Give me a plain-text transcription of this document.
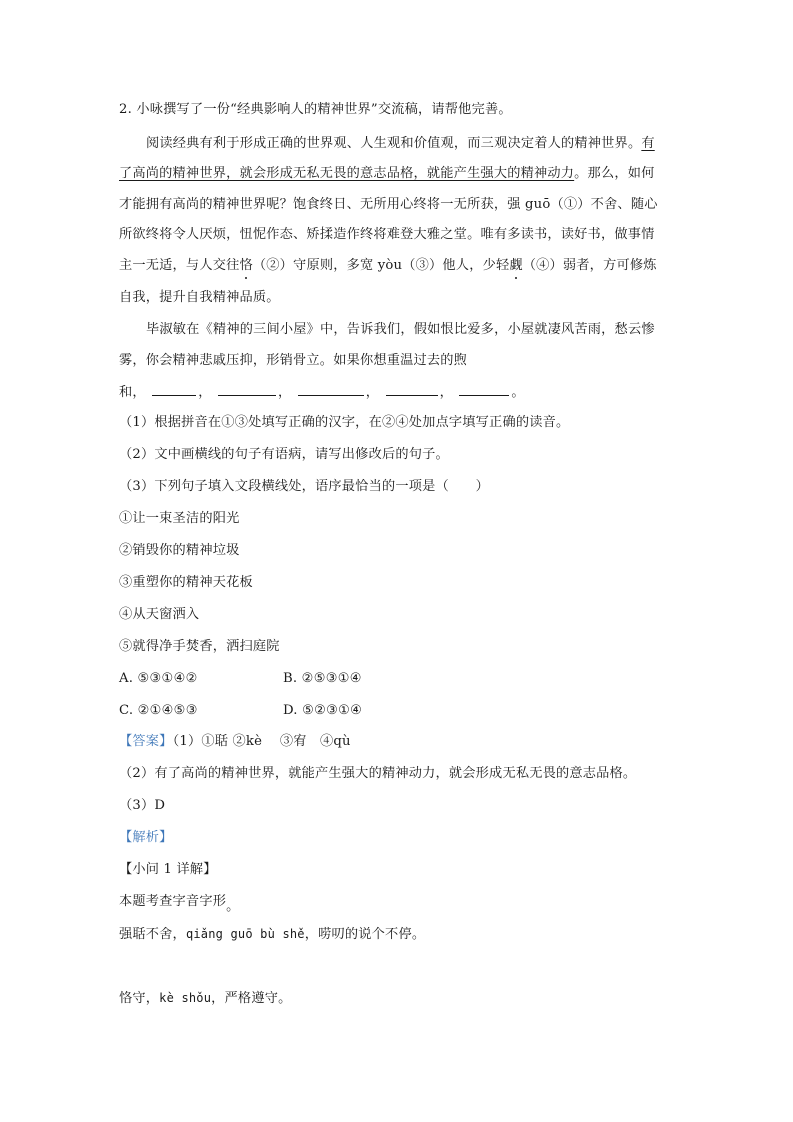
2. 小咏撰写了一份“经典影响人的精神世界”交流稿，请帮他完善。
阅读经典有利于形成正确的世界观、人生观和价值观，而三观决定着人的精神世界。有
了高尚的精神世界，就会形成无私无畏的意志品格，就能产生强大的精神动力。那么，如何
才能拥有高尚的精神世界呢？饱食终日、无所用心终将一无所获，强 guō（①）不舍、随心
所欲终将令人厌烦，忸怩作态、矫揉造作终将难登大雅之堂。唯有多读书，读好书，做事情
主一无适，与人交往恪（②）守原则，多宽 yòu（③）他人，少轻觑（④）弱者，方可修炼
自我，提升自我精神品质。
毕淑敏在《精神的三间小屋》中，告诉我们，假如恨比爱多，小屋就凄风苦雨，愁云惨
雾，你会精神悲戚压抑，形销骨立。如果你想重温过去的煦
和，	，	，	，	，	。
（1）根据拼音在①③处填写正确的汉字，在②④处加点字填写正确的读音。
（2）文中画横线的句子有语病，请写出修改后的句子。
（3）下列句子填入文段横线处，语序最恰当的一项是（　　）
①让一束圣洁的阳光
②销毁你的精神垃圾
③重塑你的精神天花板
④从天窗洒入
⑤就得净手焚香，洒扫庭院
A. ⑤③①④②	B. ②⑤③①④
C. ②①④⑤③	D. ⑤②③①④
【答案】（1）①聒 ②kè　 ③宥　④qù
（2）有了高尚的精神世界，就能产生强大的精神动力，就会形成无私无畏的意志品格。
（3）D
【解析】
【小问 1 详解】
本题考查字音字形。
强聒不舍，qiǎng guō bù shě，唠叨的说个不停。
恪守，kè shǒu，严格遵守。
